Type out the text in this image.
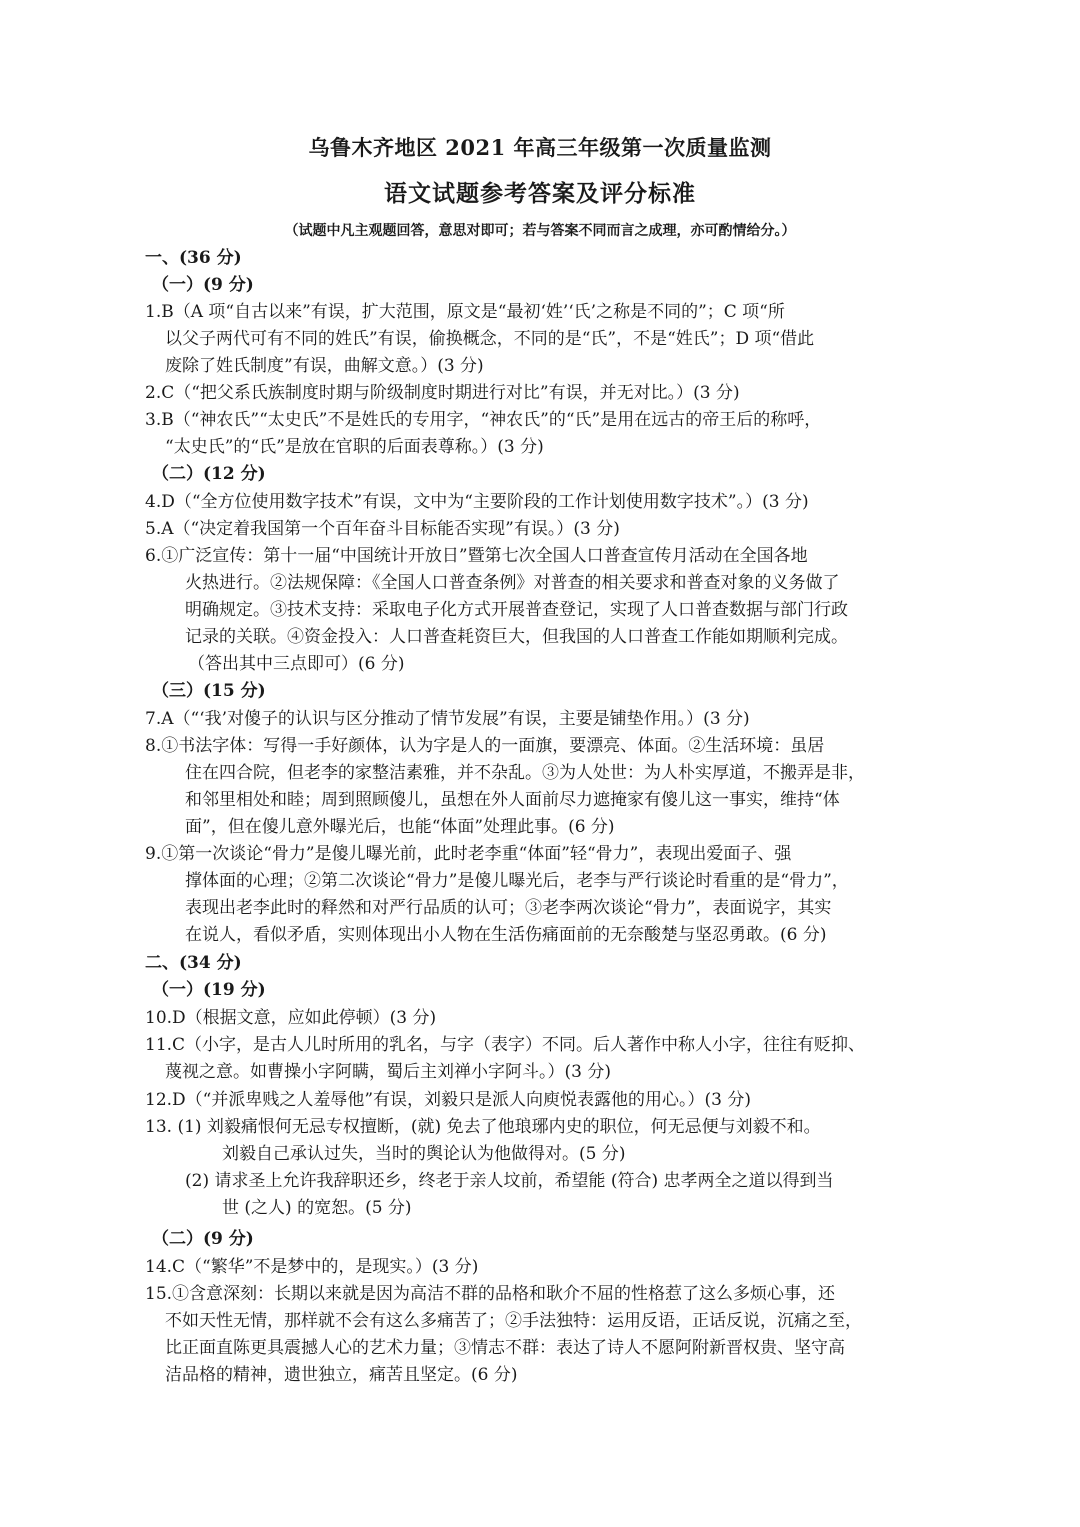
乌鲁木齐地区 2021 年高三年级第一次质量监测
语文试题参考答案及评分标准
（试题中凡主观题回答，意思对即可；若与答案不同而言之成理，亦可酌情给分。）
一、(36 分)
（一）(9 分)
1.B（A 项“自古以来”有误，扩大范围，原文是“最初‘姓’‘氏’之称是不同的”；C 项“所
以父子两代可有不同的姓氏”有误，偷换概念，不同的是“氏”，不是“姓氏”；D 项“借此
废除了姓氏制度”有误，曲解文意。）(3 分)
2.C（“把父系氏族制度时期与阶级制度时期进行对比”有误，并无对比。）(3 分)
3.B（“神农氏”“太史氏”不是姓氏的专用字，“神农氏”的“氏”是用在远古的帝王后的称呼，
“太史氏”的“氏”是放在官职的后面表尊称。）(3 分)
（二）(12 分)
4.D（“全方位使用数字技术”有误，文中为“主要阶段的工作计划使用数字技术”。）(3 分)
5.A（“决定着我国第一个百年奋斗目标能否实现”有误。）(3 分)
6.①广泛宣传：第十一届“中国统计开放日”暨第七次全国人口普查宣传月活动在全国各地
火热进行。②法规保障：《全国人口普查条例》对普查的相关要求和普查对象的义务做了
明确规定。③技术支持：采取电子化方式开展普查登记，实现了人口普查数据与部门行政
记录的关联。④资金投入：人口普查耗资巨大，但我国的人口普查工作能如期顺利完成。
（答出其中三点即可）(6 分)
（三）(15 分)
7.A（“‘我’对傻子的认识与区分推动了情节发展”有误，主要是铺垫作用。）(3 分)
8.①书法字体：写得一手好颜体，认为字是人的一面旗，要漂亮、体面。②生活环境：虽居
住在四合院，但老李的家整洁素雅，并不杂乱。③为人处世：为人朴实厚道，不搬弄是非，
和邻里相处和睦；周到照顾傻儿，虽想在外人面前尽力遮掩家有傻儿这一事实，维持“体
面”，但在傻儿意外曝光后，也能“体面”处理此事。(6 分)
9.①第一次谈论“骨力”是傻儿曝光前，此时老李重“体面”轻“骨力”，表现出爱面子、强
撑体面的心理；②第二次谈论“骨力”是傻儿曝光后，老李与严行谈论时看重的是“骨力”，
表现出老李此时的释然和对严行品质的认可；③老李两次谈论“骨力”，表面说字，其实
在说人，看似矛盾，实则体现出小人物在生活伤痛面前的无奈酸楚与坚忍勇敢。(6 分)
二、(34 分)
（一）(19 分)
10.D（根据文意，应如此停顿）(3 分)
11.C（小字，是古人儿时所用的乳名，与字（表字）不同。后人著作中称人小字，往往有贬抑、
蔑视之意。如曹操小字阿瞒，蜀后主刘禅小字阿斗。）(3 分)
12.D（“并派卑贱之人羞辱他”有误，刘毅只是派人向庾悦表露他的用心。）(3 分)
13. (1) 刘毅痛恨何无忌专权擅断，(就) 免去了他琅琊内史的职位，何无忌便与刘毅不和。
刘毅自己承认过失，当时的舆论认为他做得对。(5 分)
(2) 请求圣上允许我辞职还乡，终老于亲人坟前，希望能 (符合) 忠孝两全之道以得到当
世 (之人) 的宽恕。(5 分)
（二）(9 分)
14.C（“繁华”不是梦中的，是现实。）(3 分)
15.①含意深刻：长期以来就是因为高洁不群的品格和耿介不屈的性格惹了这么多烦心事，还
不如天性无情，那样就不会有这么多痛苦了；②手法独特：运用反语，正话反说，沉痛之至，
比正面直陈更具震撼人心的艺术力量；③情志不群：表达了诗人不愿阿附新晋权贵、坚守高
洁品格的精神，遗世独立，痛苦且坚定。(6 分)
